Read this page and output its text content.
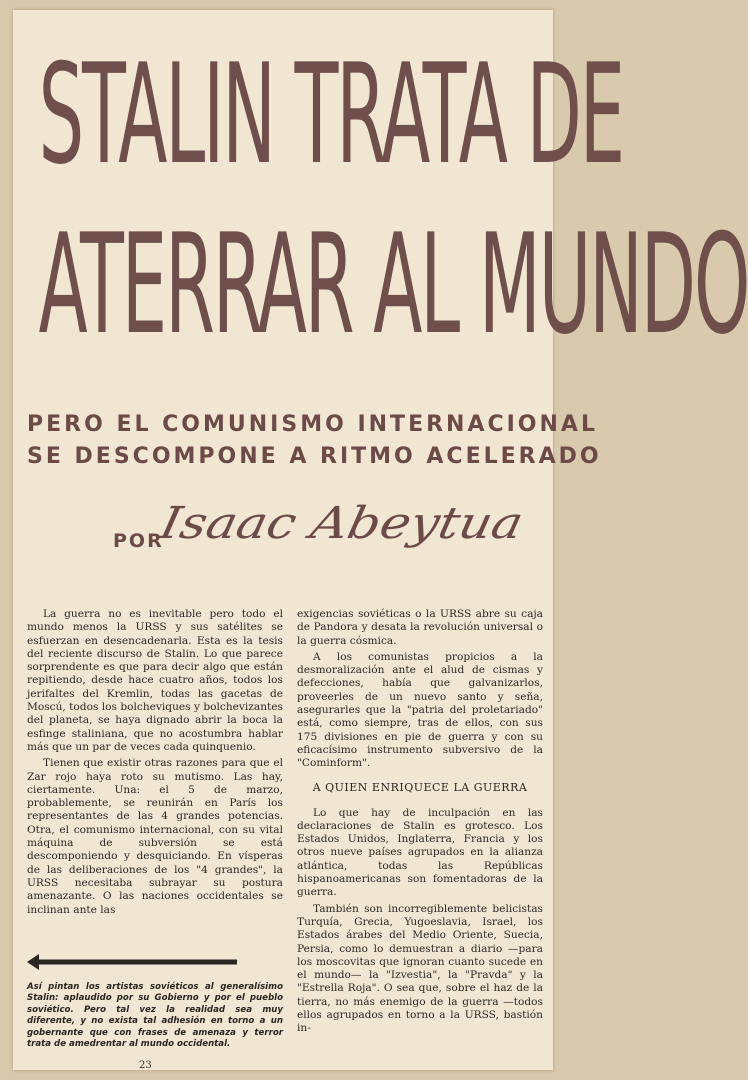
STALIN TRATA DE
ATERRAR AL MUNDO
PERO EL COMUNISMO INTERNACIONAL
SE DESCOMPONE A RITMO ACELERADO
POR
Isaac Abeytua

La guerra no es inevitable pero todo el mundo menos la URSS y sus satélites se esfuerzan en desencadenarla. Esta es la tesis del reciente discurso de Stalin. Lo que parece sorprendente es que para decir algo que están repitiendo, desde hace cuatro años, todos los jerifaltes del Kremlin, todas las gacetas de Moscú, todos los bolcheviques y bolchevizantes del planeta, se haya dignado abrir la boca la esfinge staliniana, que no acostumbra hablar más que un par de veces cada quinquenio.

Tienen que existir otras razones para que el Zar rojo haya roto su mutismo. Las hay, ciertamente. Una: el 5 de marzo, probablemente, se reunirán en París los representantes de las 4 grandes potencias. Otra, el comunismo internacional, con su vital máquina de subversión se está descomponiendo y desquiciando. En vísperas de las deliberaciones de los "4 grandes", la URSS necesitaba subrayar su postura amenazante. O las naciones occidentales se inclinan ante las

exigencias soviéticas o la URSS abre su caja de Pandora y desata la revolución universal o la guerra cósmica.

A los comunistas propicios a la desmoralización ante el alud de cismas y defecciones, había que galvanizarlos, proveerles de un nuevo santo y seña, asegurarles que la "patria del proletariado" está, como siempre, tras de ellos, con sus 175 divisiones en pie de guerra y con su eficacísimo instrumento subversivo de la "Cominform".

A QUIEN ENRIQUECE LA GUERRA

Lo que hay de inculpación en las declaraciones de Stalin es grotesco. Los Estados Unidos, Inglaterra, Francia y los otros nueve países agrupados en la alianza atlántica, todas las Repúblicas hispanoamericanas son fomentadoras de la guerra.

También son incorregiblemente belicistas Turquía, Grecia, Yugoeslavia, Israel, los Estados árabes del Medio Oriente, Suecia, Persia, como lo demuestran a diario —para los moscovitas que ignoran cuanto sucede en el mundo— la "Izvestia", la "Pravda" y la "Estrella Roja". O sea que, sobre el haz de la tierra, no más enemigo de la guerra —todos ellos agrupados en torno a la URSS, bastión in-

Así pintan los artistas soviéticos al generalísimo Stalin: aplaudido por su Gobierno y por el pueblo soviético. Pero tal vez la realidad sea muy diferente, y no exista tal adhesión en torno a un gobernante que con frases de amenaza y terror trata de amedrentar al mundo occidental.
23
